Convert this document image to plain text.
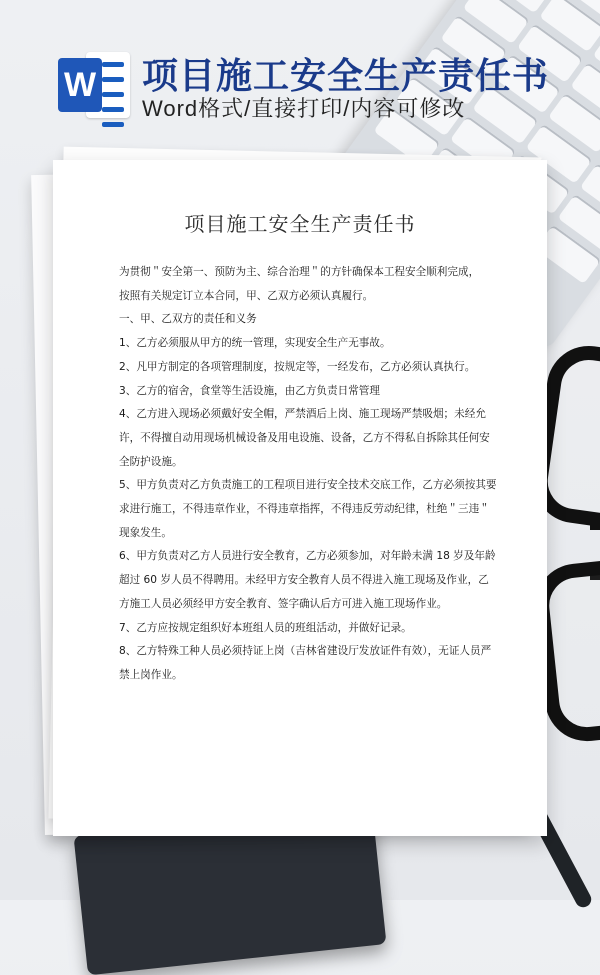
W 项目施工安全生产责任书

Word格式/直接打印/内容可修改

项目施工安全生产责任书

为贯彻＂安全第一、预防为主、综合治理＂的方针确保本工程安全顺利完成，

按照有关规定订立本合同，甲、乙双方必须认真履行。

一、甲、乙双方的责任和义务

1、乙方必须服从甲方的统一管理，实现安全生产无事故。

2、凡甲方制定的各项管理制度，按规定等，一经发布，乙方必须认真执行。

3、乙方的宿舍，食堂等生活设施，由乙方负责日常管理

4、乙方进入现场必须戴好安全帽，严禁酒后上岗、施工现场严禁吸烟；未经允许，不得擅自动用现场机械设备及用电设施、设备，乙方不得私自拆除其任何安全防护设施。

5、甲方负责对乙方负责施工的工程项目进行安全技术交底工作，乙方必须按其要求进行施工，不得违章作业，不得违章指挥，不得违反劳动纪律，杜绝＂三违＂现象发生。

6、甲方负责对乙方人员进行安全教育，乙方必须参加，对年龄未满 18 岁及年龄超过 60 岁人员不得聘用。未经甲方安全教育人员不得进入施工现场及作业，乙方施工人员必须经甲方安全教育、签字确认后方可进入施工现场作业。

7、乙方应按规定组织好本班组人员的班组活动，并做好记录。

8、乙方特殊工种人员必须持证上岗（吉林省建设厅发放证件有效），无证人员严禁上岗作业。
